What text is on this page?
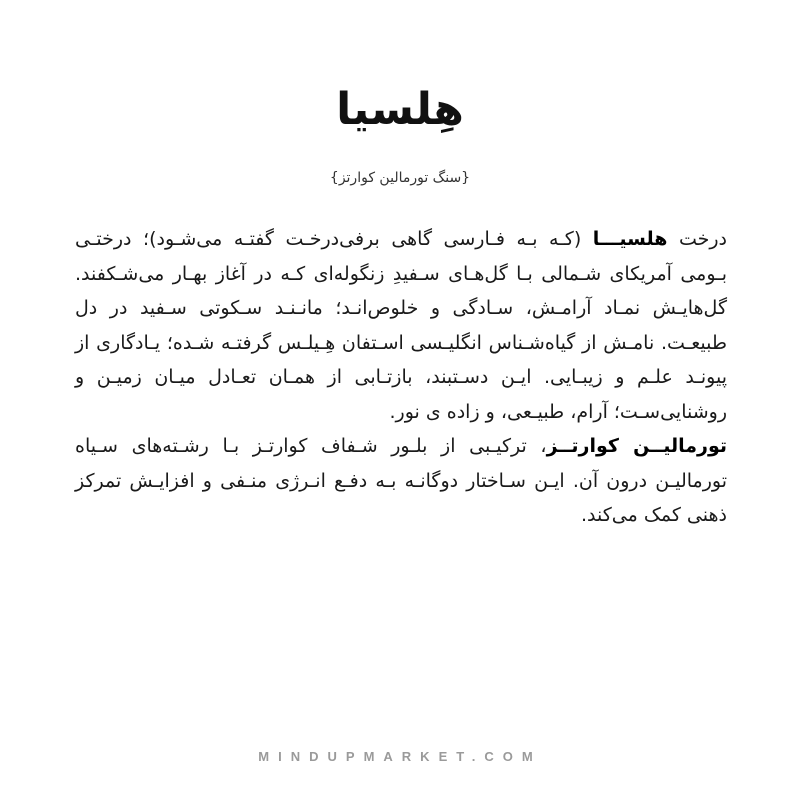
هِلسیا
{سنگ تورمالین کوارتز}

درخت هلسیـــا (کـه بـه فـارسی گاهی برفی‌درخـت گفتـه می‌شـود)؛ درختـی بـومی آمریکای شـمالی بـا گل‌هـای سـفیدِ زنگوله‌ای کـه در آغاز بهـار می‌شـکفند. گل‌هایـش نمـاد آرامـش، سـادگی و خلوص‌انـد؛ مانـنـد سـکوتی سـفید در دل طبیعـت. نامـش از گیاه‌شـناس انگلیـسی اسـتفان هِـیلـس گرفتـه شـده؛ یـادگاری از پیونـد علـم و زیبـایی. ایـن دسـتبند، بازتـابی از همـان تعـادل میـان زمیـن و روشنایی‌سـت؛ آرام، طبیـعی، و زاده ی نور.

تورمالیــن کوارتــز، ترکیـبی از بلـور شـفاف کوارتـز بـا رشـته‌های سـیاه تورمالیـن درون آن. ایـن سـاختار دوگانـه بـه دفـع انـرژی منـفی و افزایـش تمرکز ذهنی کمک می‌کند.

MINDUPMARKET.COM
